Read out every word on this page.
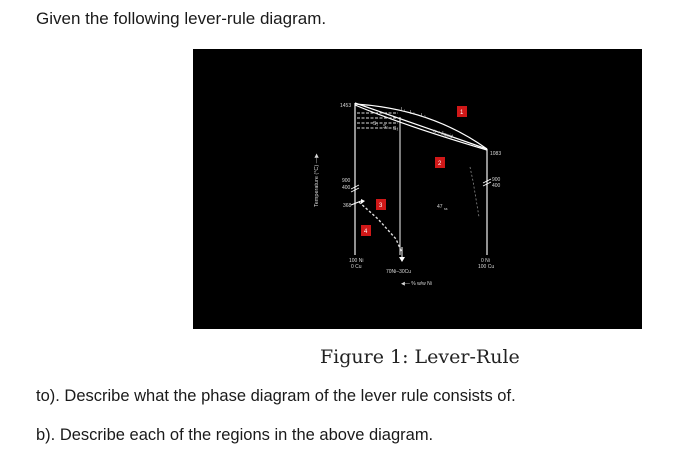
Given the following lever-rule diagram.

Temperature (°C) —▶
1453
900
400
368
1083
900
400
100 Ni
0 Cu
0 Ni
100 Cu
70Ni–30Cu
◀— % w/w Ni
α + liquid
47 ss
L₁ L₂ L₃
S₁ S₂ S₃
1
2
3
4
Figure 1: Lever-Rule

to). Describe what the phase diagram of the lever rule consists of.

b). Describe each of the regions in the above diagram.
